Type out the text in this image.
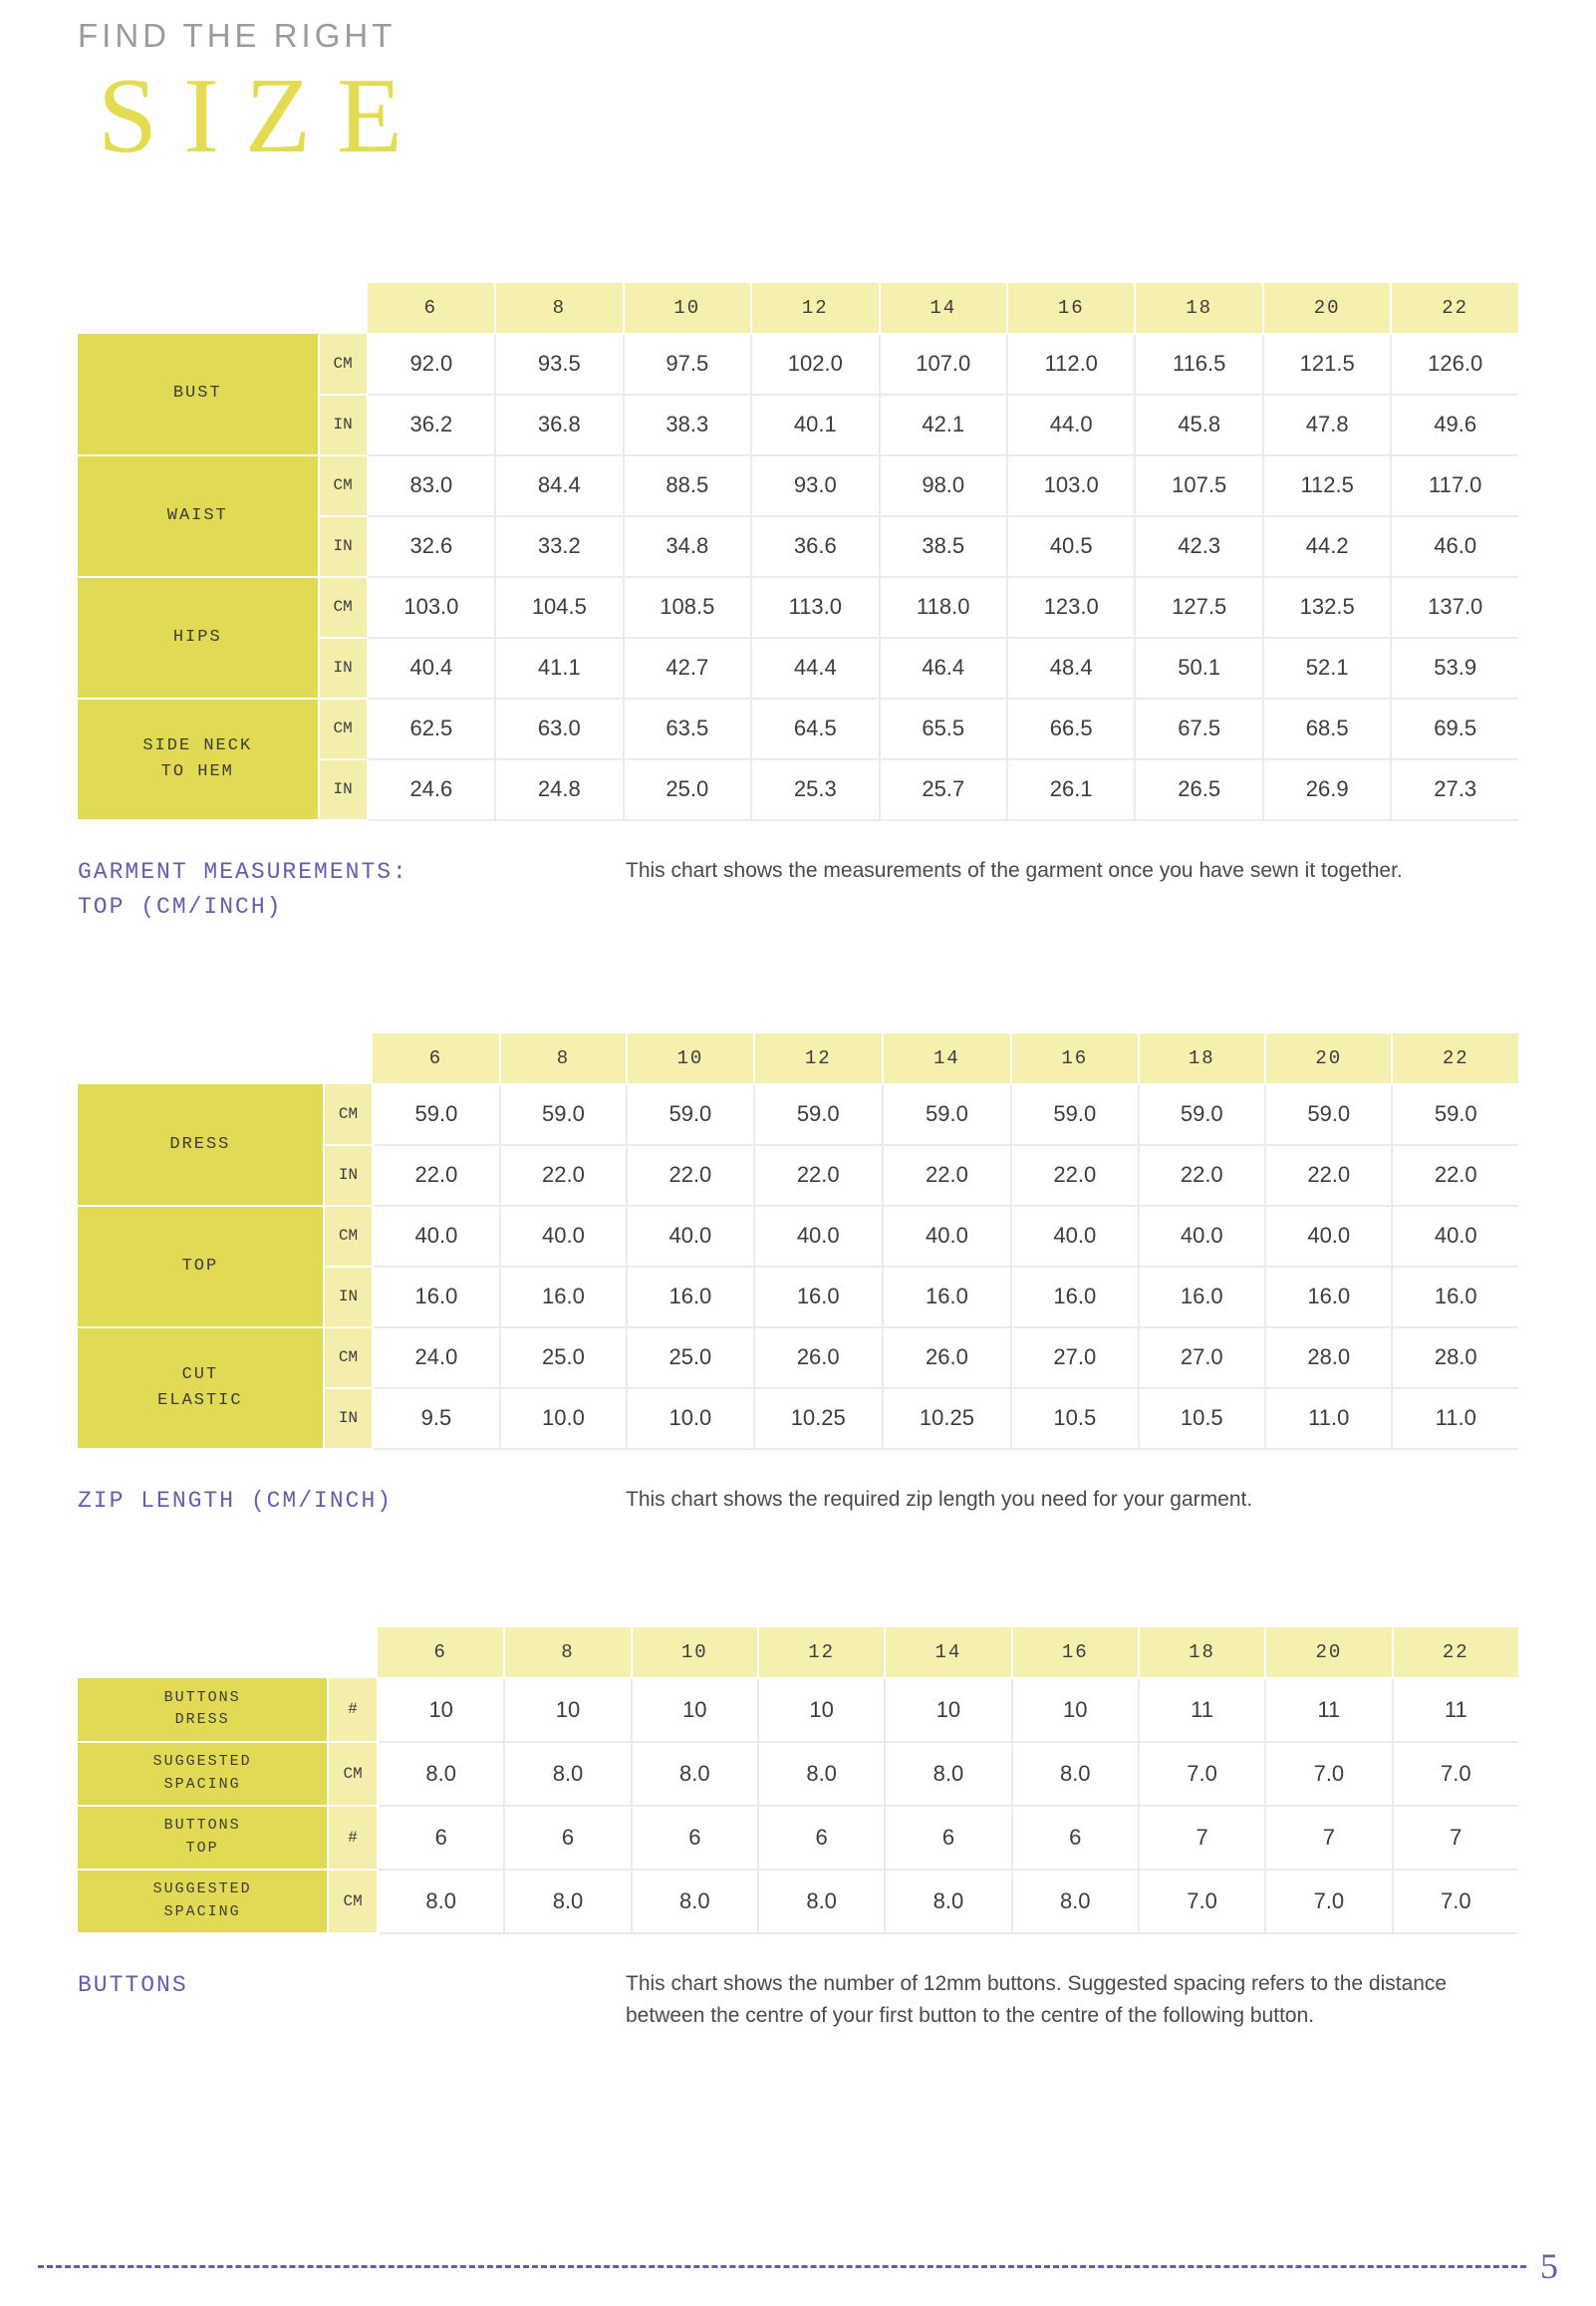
FIND THE RIGHT
SIZE
		6	8	10	12	14	16	18	20	22

BUST	CM	92.0	93.5	97.5	102.0	107.0	112.0	116.5	121.5	126.0
	IN	36.2	36.8	38.3	40.1	42.1	44.0	45.8	47.8	49.6

WAIST	CM	83.0	84.4	88.5	93.0	98.0	103.0	107.5	112.5	117.0
	IN	32.6	33.2	34.8	36.6	38.5	40.5	42.3	44.2	46.0

HIPS	CM	103.0	104.5	108.5	113.0	118.0	123.0	127.5	132.5	137.0
	IN	40.4	41.1	42.7	44.4	46.4	48.4	50.1	52.1	53.9

SIDE NECK
TO HEM	CM	62.5	63.0	63.5	64.5	65.5	66.5	67.5	68.5	69.5
	IN	24.6	24.8	25.0	25.3	25.7	26.1	26.5	26.9	27.3
GARMENT MEASUREMENTS:
TOP (CM/INCH)
This chart shows the measurements of the garment once you have sewn it together.
		6	8	10	12	14	16	18	20	22

DRESS	CM	59.0	59.0	59.0	59.0	59.0	59.0	59.0	59.0	59.0
	IN	22.0	22.0	22.0	22.0	22.0	22.0	22.0	22.0	22.0

TOP	CM	40.0	40.0	40.0	40.0	40.0	40.0	40.0	40.0	40.0
	IN	16.0	16.0	16.0	16.0	16.0	16.0	16.0	16.0	16.0

CUT
ELASTIC	CM	24.0	25.0	25.0	26.0	26.0	27.0	27.0	28.0	28.0
	IN	9.5	10.0	10.0	10.25	10.25	10.5	10.5	11.0	11.0
ZIP LENGTH (CM/INCH)	This chart shows the required zip length you need for your garment.
		6	8	10	12	14	16	18	20	22

BUTTONS
DRESS	#	10	10	10	10	10	10	11	11	11

SUGGESTED
SPACING	CM	8.0	8.0	8.0	8.0	8.0	8.0	7.0	7.0	7.0

BUTTONS
TOP	#	6	6	6	6	6	6	7	7	7

SUGGESTED
SPACING	CM	8.0	8.0	8.0	8.0	8.0	8.0	7.0	7.0	7.0
BUTTONS	This chart shows the number of 12mm buttons. Suggested spacing refers to the distance between the centre of your first button to the centre of the following button.
5
